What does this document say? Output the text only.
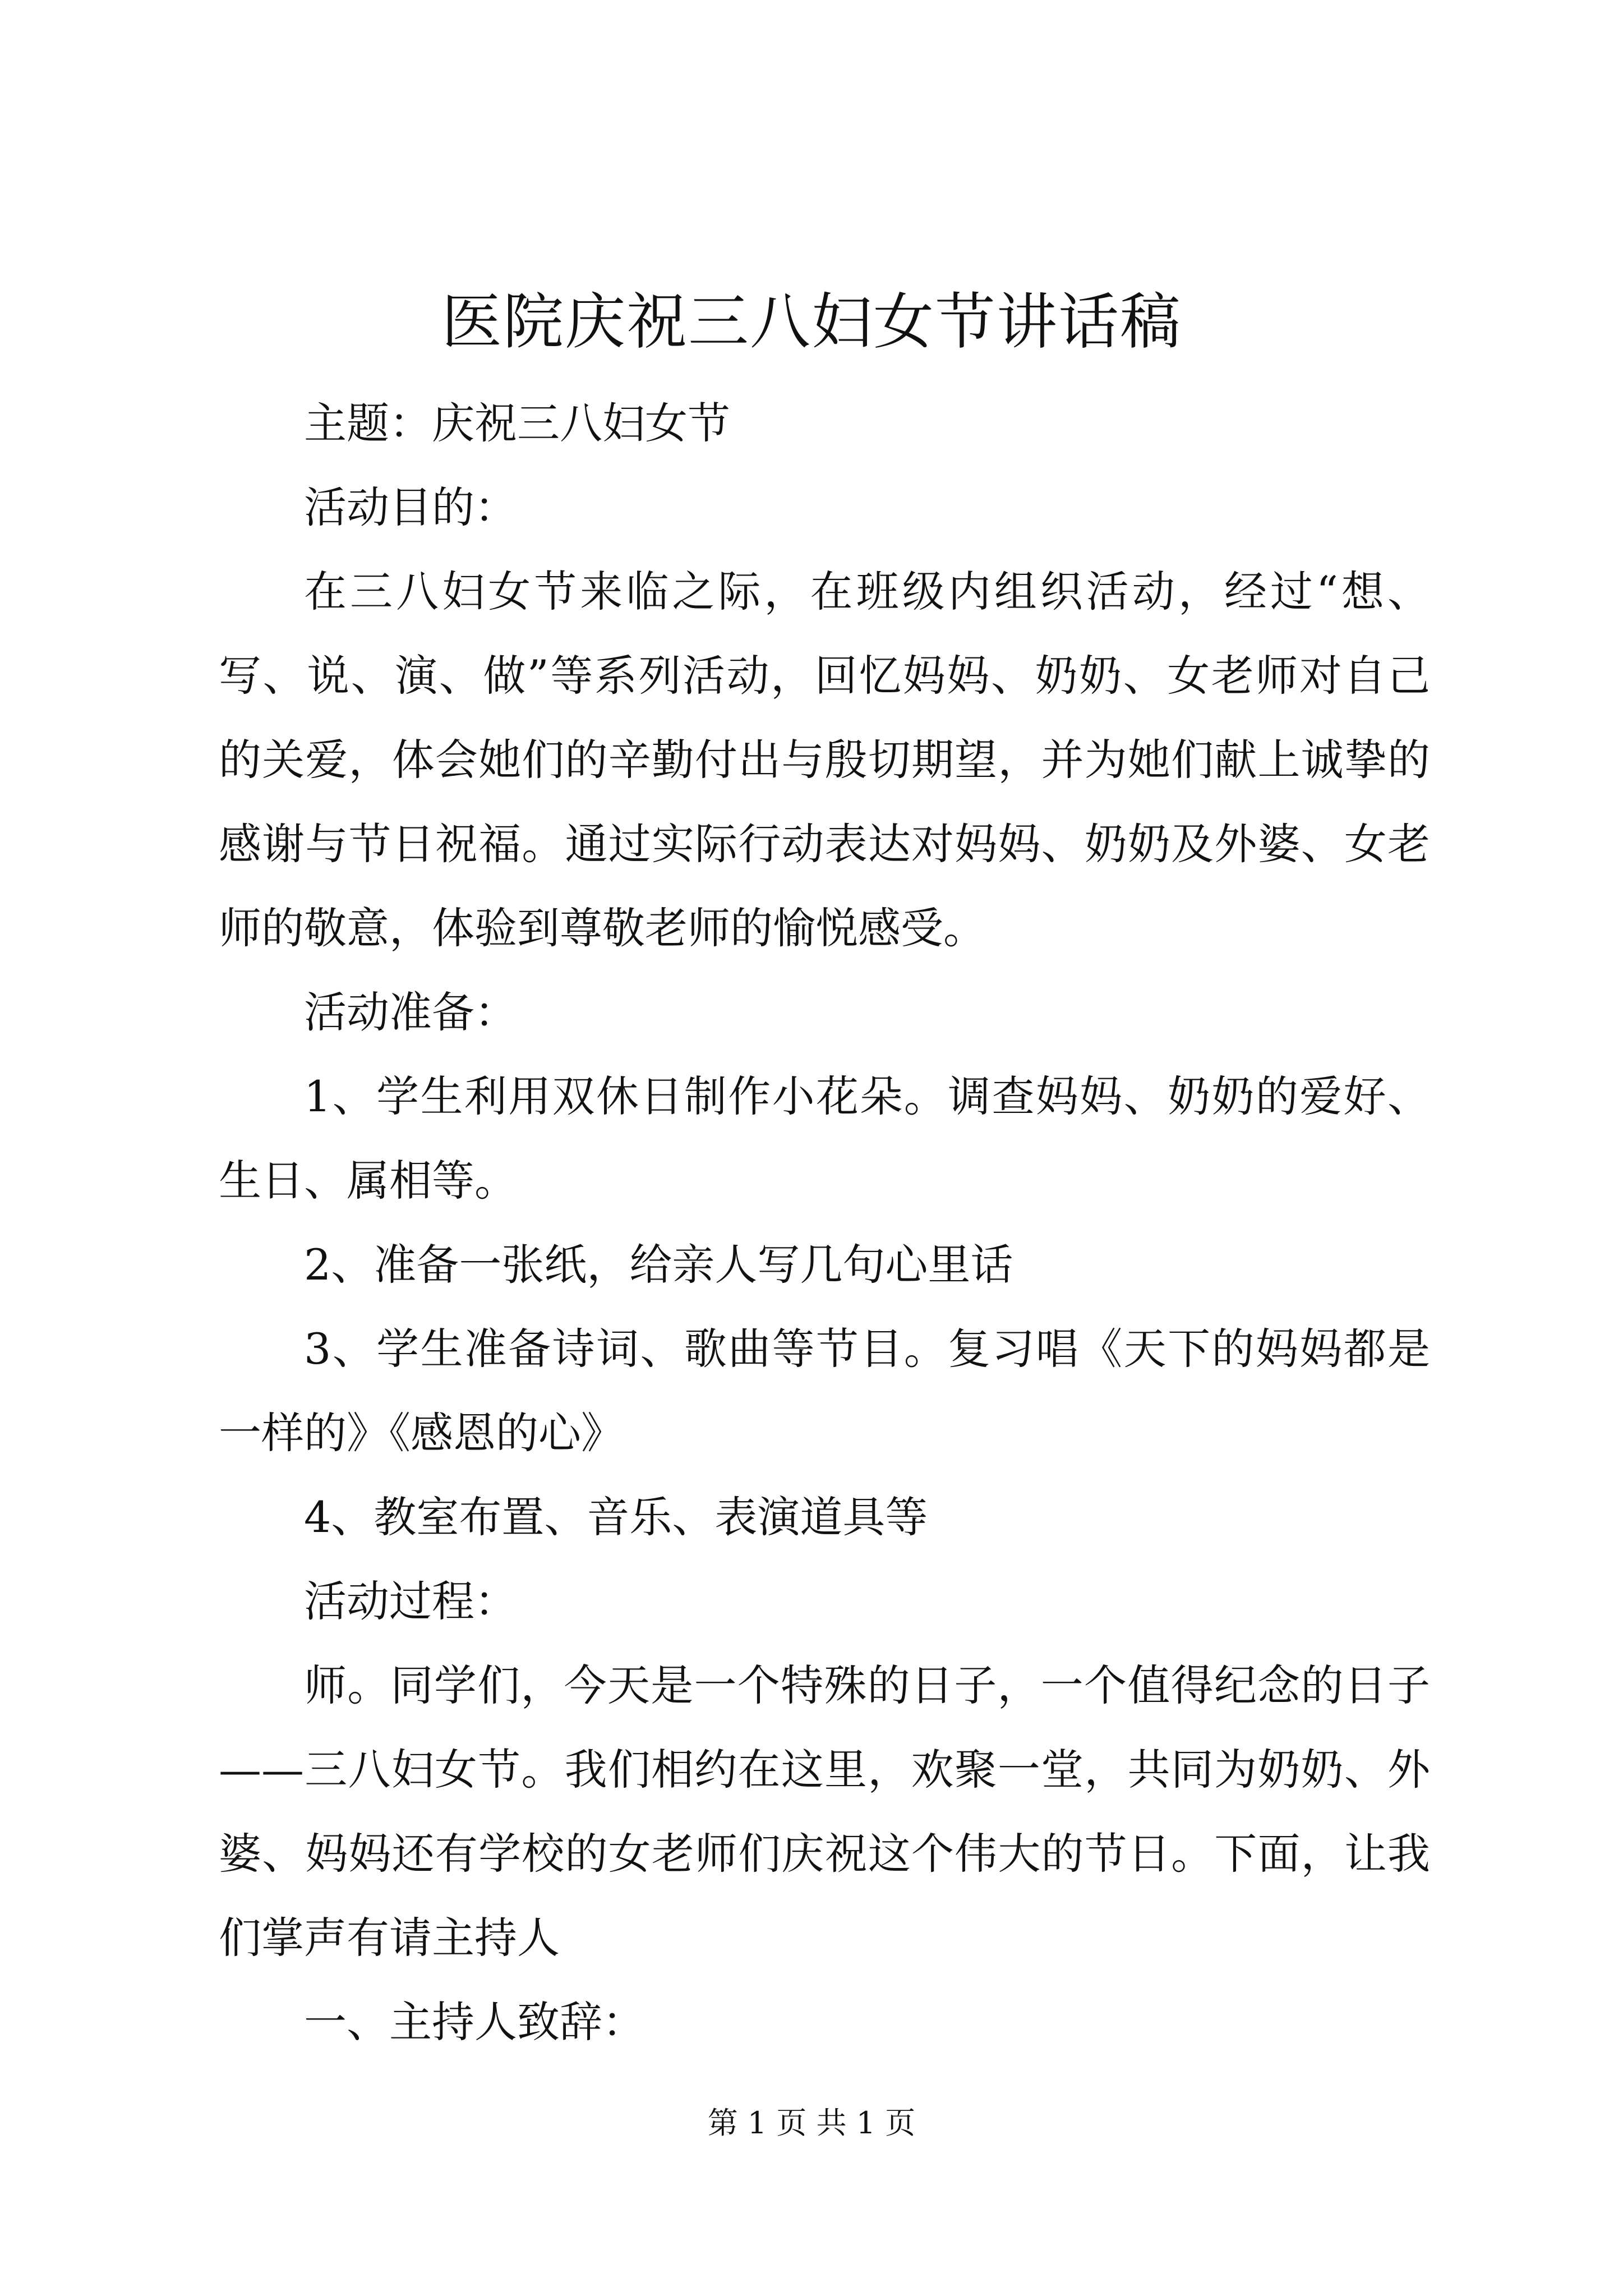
医院庆祝三八妇女节讲话稿

主题：庆祝三八妇女节

活动目的：

在三八妇女节来临之际，在班级内组织活动，经过“想、写、说、演、做”等系列活动，回忆妈妈、奶奶、女老师对自己的关爱，体会她们的辛勤付出与殷切期望，并为她们献上诚挚的感谢与节日祝福。通过实际行动表达对妈妈、奶奶及外婆、女老师的敬意，体验到尊敬老师的愉悦感受。

活动准备：

1、学生利用双休日制作小花朵。调查妈妈、奶奶的爱好、生日、属相等。

2、准备一张纸，给亲人写几句心里话

3、学生准备诗词、歌曲等节目。复习唱《天下的妈妈都是一样的》《感恩的心》

4、教室布置、音乐、表演道具等

活动过程：

师。同学们，今天是一个特殊的日子，一个值得纪念的日子——三八妇女节。我们相约在这里，欢聚一堂，共同为奶奶、外婆、妈妈还有学校的女老师们庆祝这个伟大的节日。下面，让我们掌声有请主持人

一、主持人致辞：

第 1 页 共 1 页
